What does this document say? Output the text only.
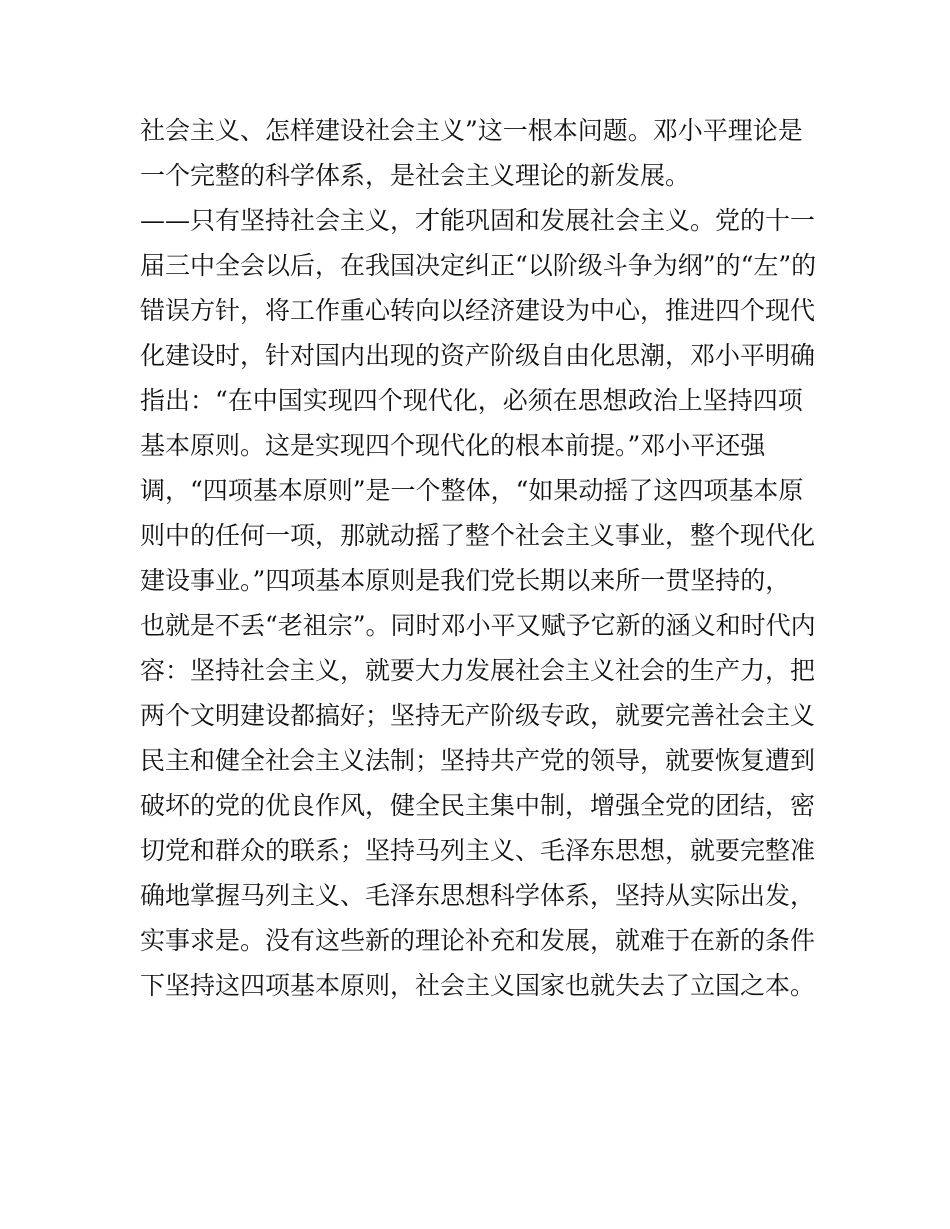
社会主义、怎样建设社会主义”这一根本问题。邓小平理论是
一个完整的科学体系，是社会主义理论的新发展。
——只有坚持社会主义，才能巩固和发展社会主义。党的十一
届三中全会以后，在我国决定纠正“以阶级斗争为纲”的“左”的
错误方针，将工作重心转向以经济建设为中心，推进四个现代
化建设时，针对国内出现的资产阶级自由化思潮，邓小平明确
指出：“在中国实现四个现代化，必须在思想政治上坚持四项
基本原则。这是实现四个现代化的根本前提。”邓小平还强
调，“四项基本原则”是一个整体，“如果动摇了这四项基本原
则中的任何一项，那就动摇了整个社会主义事业，整个现代化
建设事业。”四项基本原则是我们党长期以来所一贯坚持的，
也就是不丢“老祖宗”。同时邓小平又赋予它新的涵义和时代内
容：坚持社会主义，就要大力发展社会主义社会的生产力，把
两个文明建设都搞好；坚持无产阶级专政，就要完善社会主义
民主和健全社会主义法制；坚持共产党的领导，就要恢复遭到
破坏的党的优良作风，健全民主集中制，增强全党的团结，密
切党和群众的联系；坚持马列主义、毛泽东思想，就要完整准
确地掌握马列主义、毛泽东思想科学体系，坚持从实际出发，
实事求是。没有这些新的理论补充和发展，就难于在新的条件
下坚持这四项基本原则，社会主义国家也就失去了立国之本。
